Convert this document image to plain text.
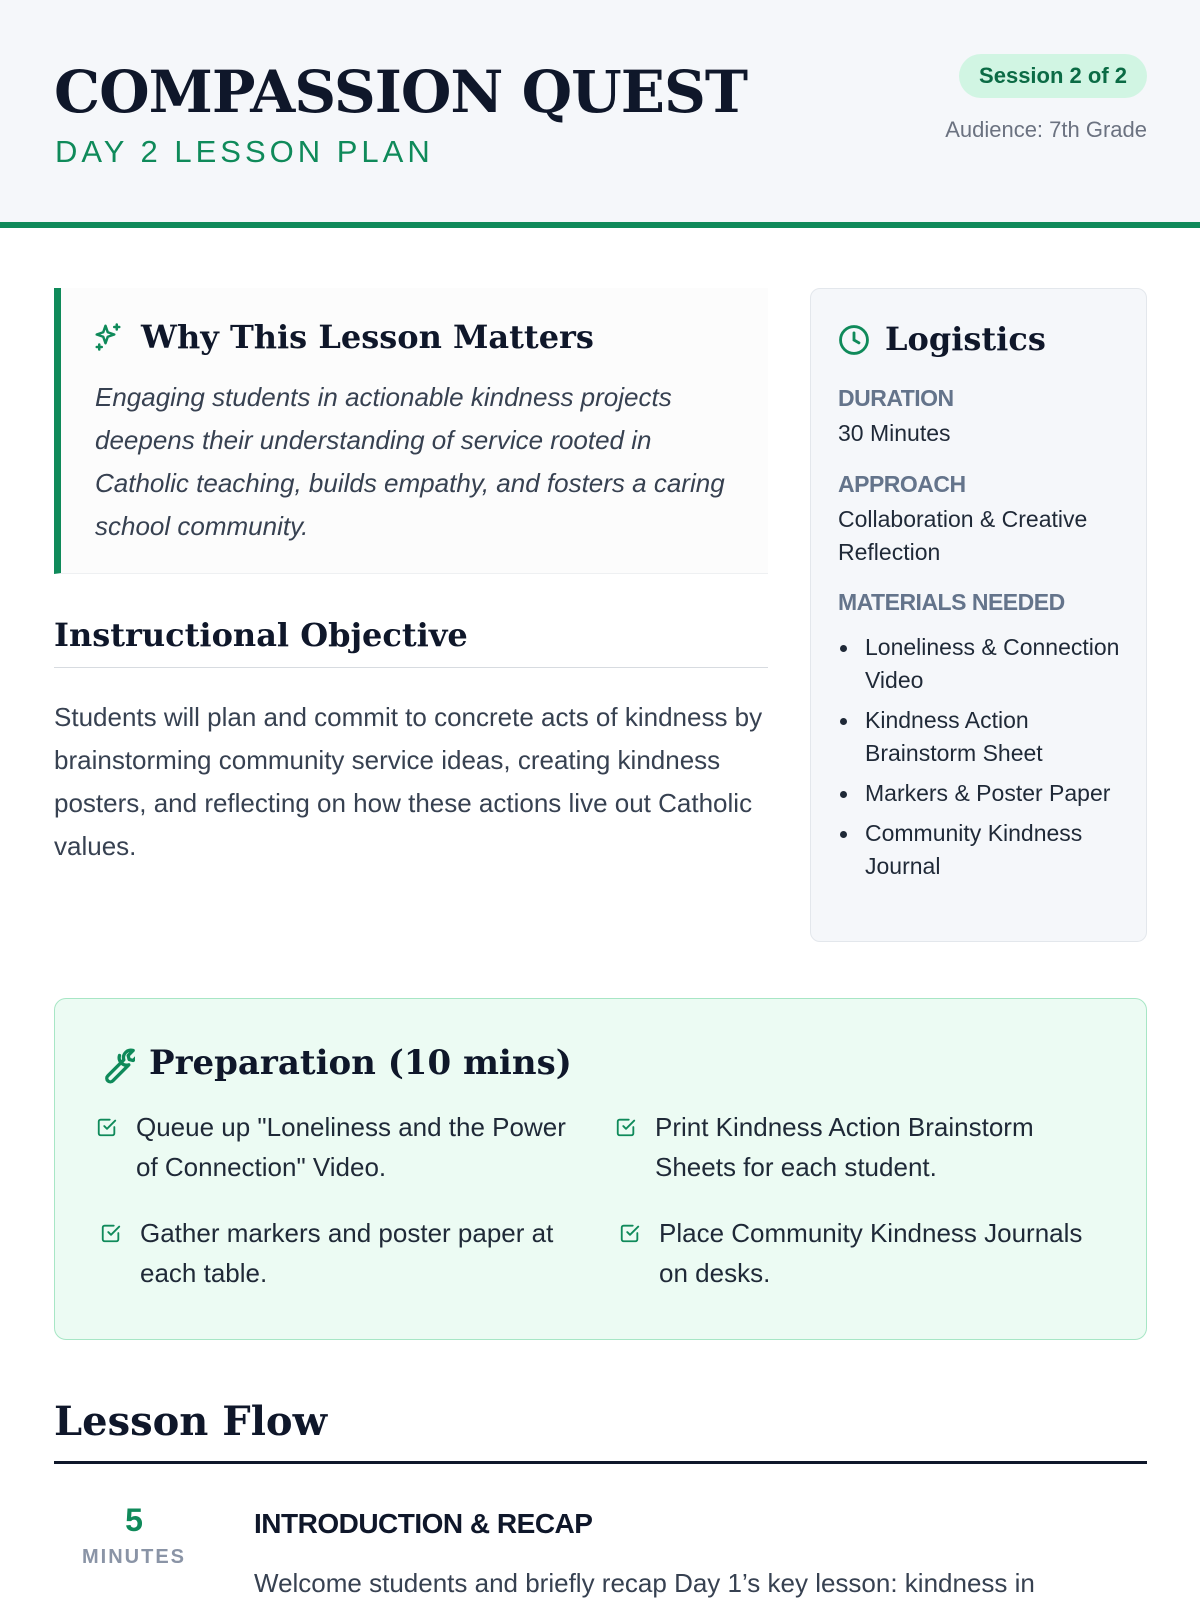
COMPASSION QUEST
DAY 2 LESSON PLAN
Session 2 of 2
Audience: 7th Grade
Why This Lesson Matters
Engaging students in actionable kindness projects deepens their understanding of service rooted in Catholic teaching, builds empathy, and fosters a caring school community.
Instructional Objective
Students will plan and commit to concrete acts of kindness by brainstorming community service ideas, creating kindness posters, and reflecting on how these actions live out Catholic values.
Logistics
DURATION
30 Minutes
APPROACH
Collaboration & Creative Reflection
MATERIALS NEEDED
Loneliness & Connection Video
Kindness Action Brainstorm Sheet
Markers & Poster Paper
Community Kindness Journal
Preparation (10 mins)
Queue up "Loneliness and the Power of Connection" Video.
Print Kindness Action Brainstorm Sheets for each student.
Gather markers and poster paper at each table.
Place Community Kindness Journals on desks.
Lesson Flow
5
MINUTES
INTRODUCTION & RECAP
Welcome students and briefly recap Day 1’s key lesson: kindness in
